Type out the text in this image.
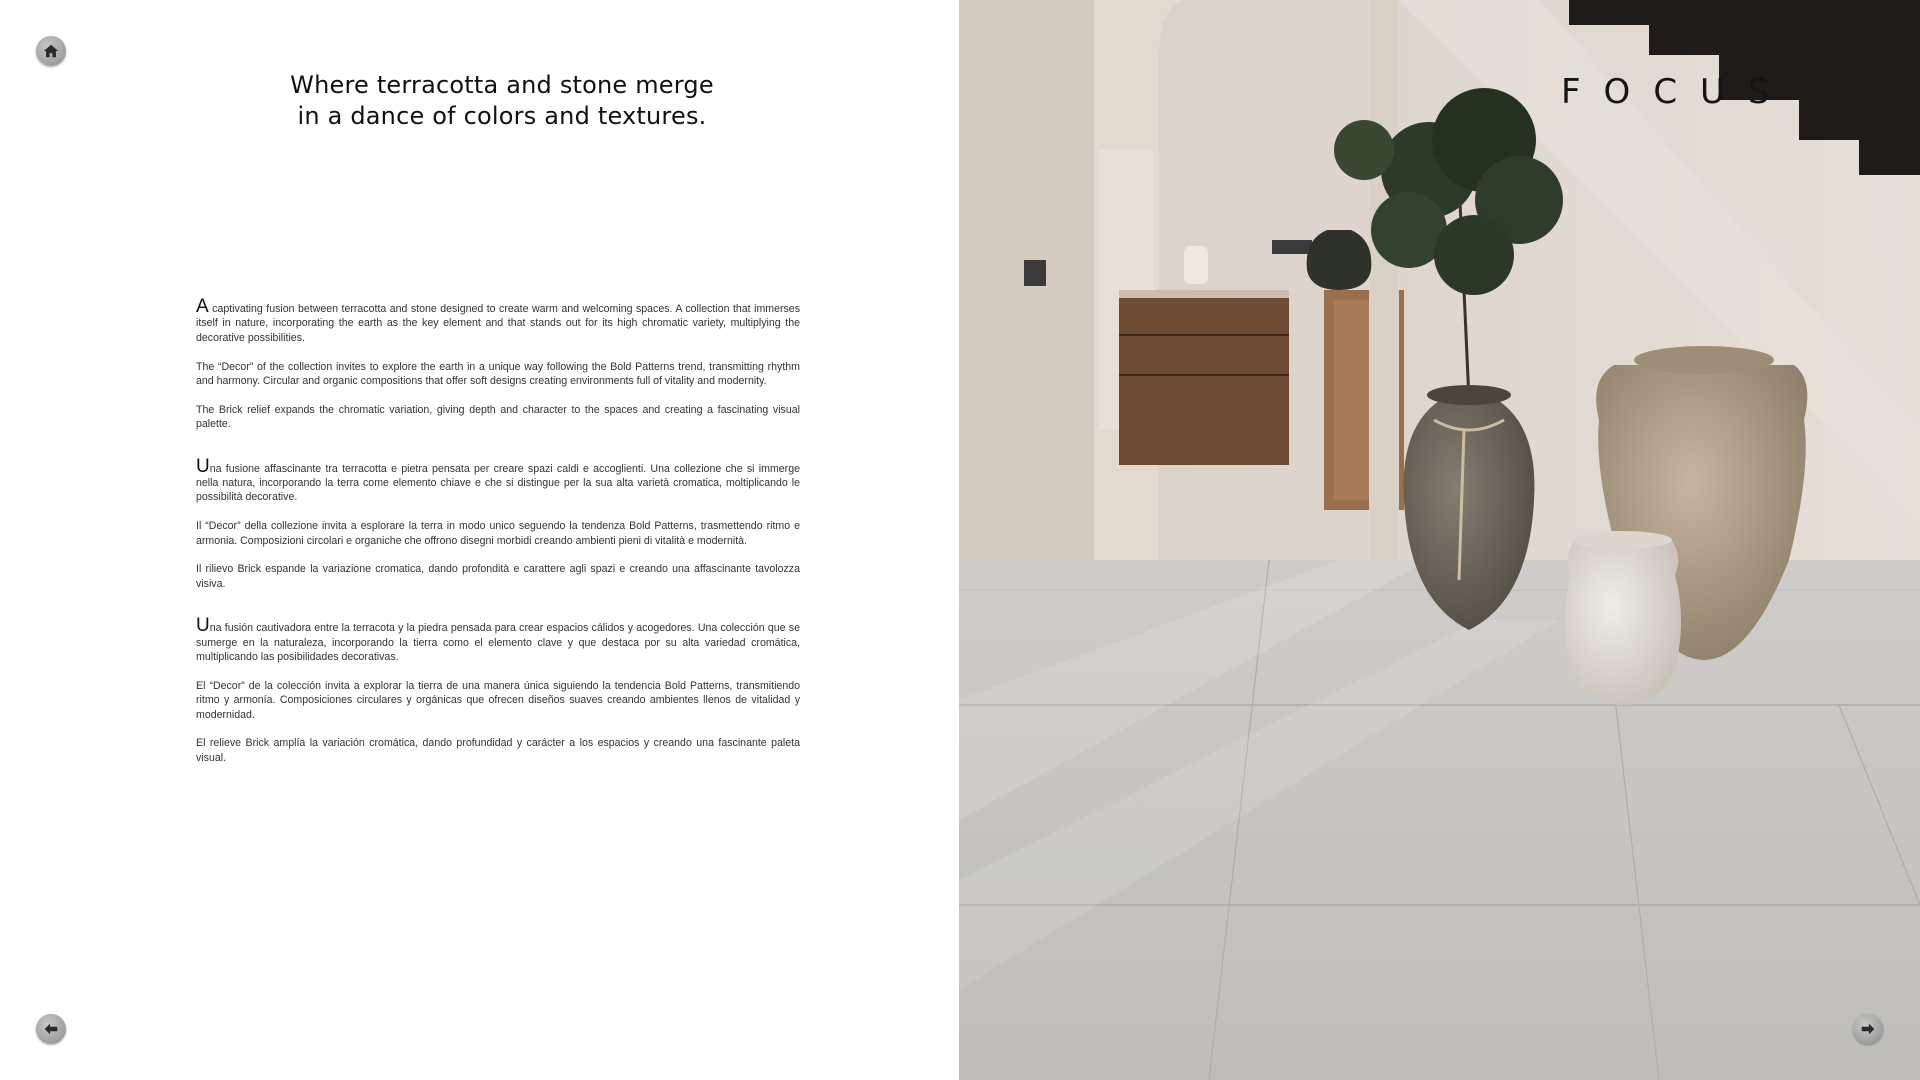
Where terracotta and stone merge
in a dance of colors and textures.

A captivating fusion between terracotta and stone designed to create warm and welcoming spaces. A collection that immerses itself in nature, incorporating the earth as the key element and that stands out for its high chromatic variety, multiplying the decorative possibilities.

The “Decor” of the collection invites to explore the earth in a unique way following the Bold Patterns trend, transmitting rhythm and harmony. Circular and organic compositions that offer soft designs creating environments full of vitality and modernity.

The Brick relief expands the chromatic variation, giving depth and character to the spaces and creating a fascinating visual palette.

Una fusione affascinante tra terracotta e pietra pensata per creare spazi caldi e accoglienti. Una collezione che si immerge nella natura, incorporando la terra come elemento chiave e che si distingue per la sua alta varietà cromatica, moltiplicando le possibilità decorative.

Il “Decor” della collezione invita a esplorare la terra in modo unico seguendo la tendenza Bold Patterns, trasmettendo ritmo e armonia. Composizioni circolari e organiche che offrono disegni morbidi creando ambienti pieni di vitalità e modernità.

Il rilievo Brick espande la variazione cromatica, dando profondità e carattere agli spazi e creando una affascinante tavolozza visiva.

Una fusión cautivadora entre la terracota y la piedra pensada para crear espacios cálidos y acogedores. Una colección que se sumerge en la naturaleza, incorporando la tierra como el elemento clave y que destaca por su alta variedad cromática, multiplicando las posibilidades decorativas.

El “Decor” de la colección invita a explorar la tierra de una manera única siguiendo la tendencia Bold Patterns, transmitiendo ritmo y armonía. Composiciones circulares y orgánicas que ofrecen diseños suaves creando ambientes llenos de vitalidad y modernidad.

El relieve Brick amplía la variación cromática, dando profundidad y carácter a los espacios y creando una fascinante paleta visual.

FOCUS
